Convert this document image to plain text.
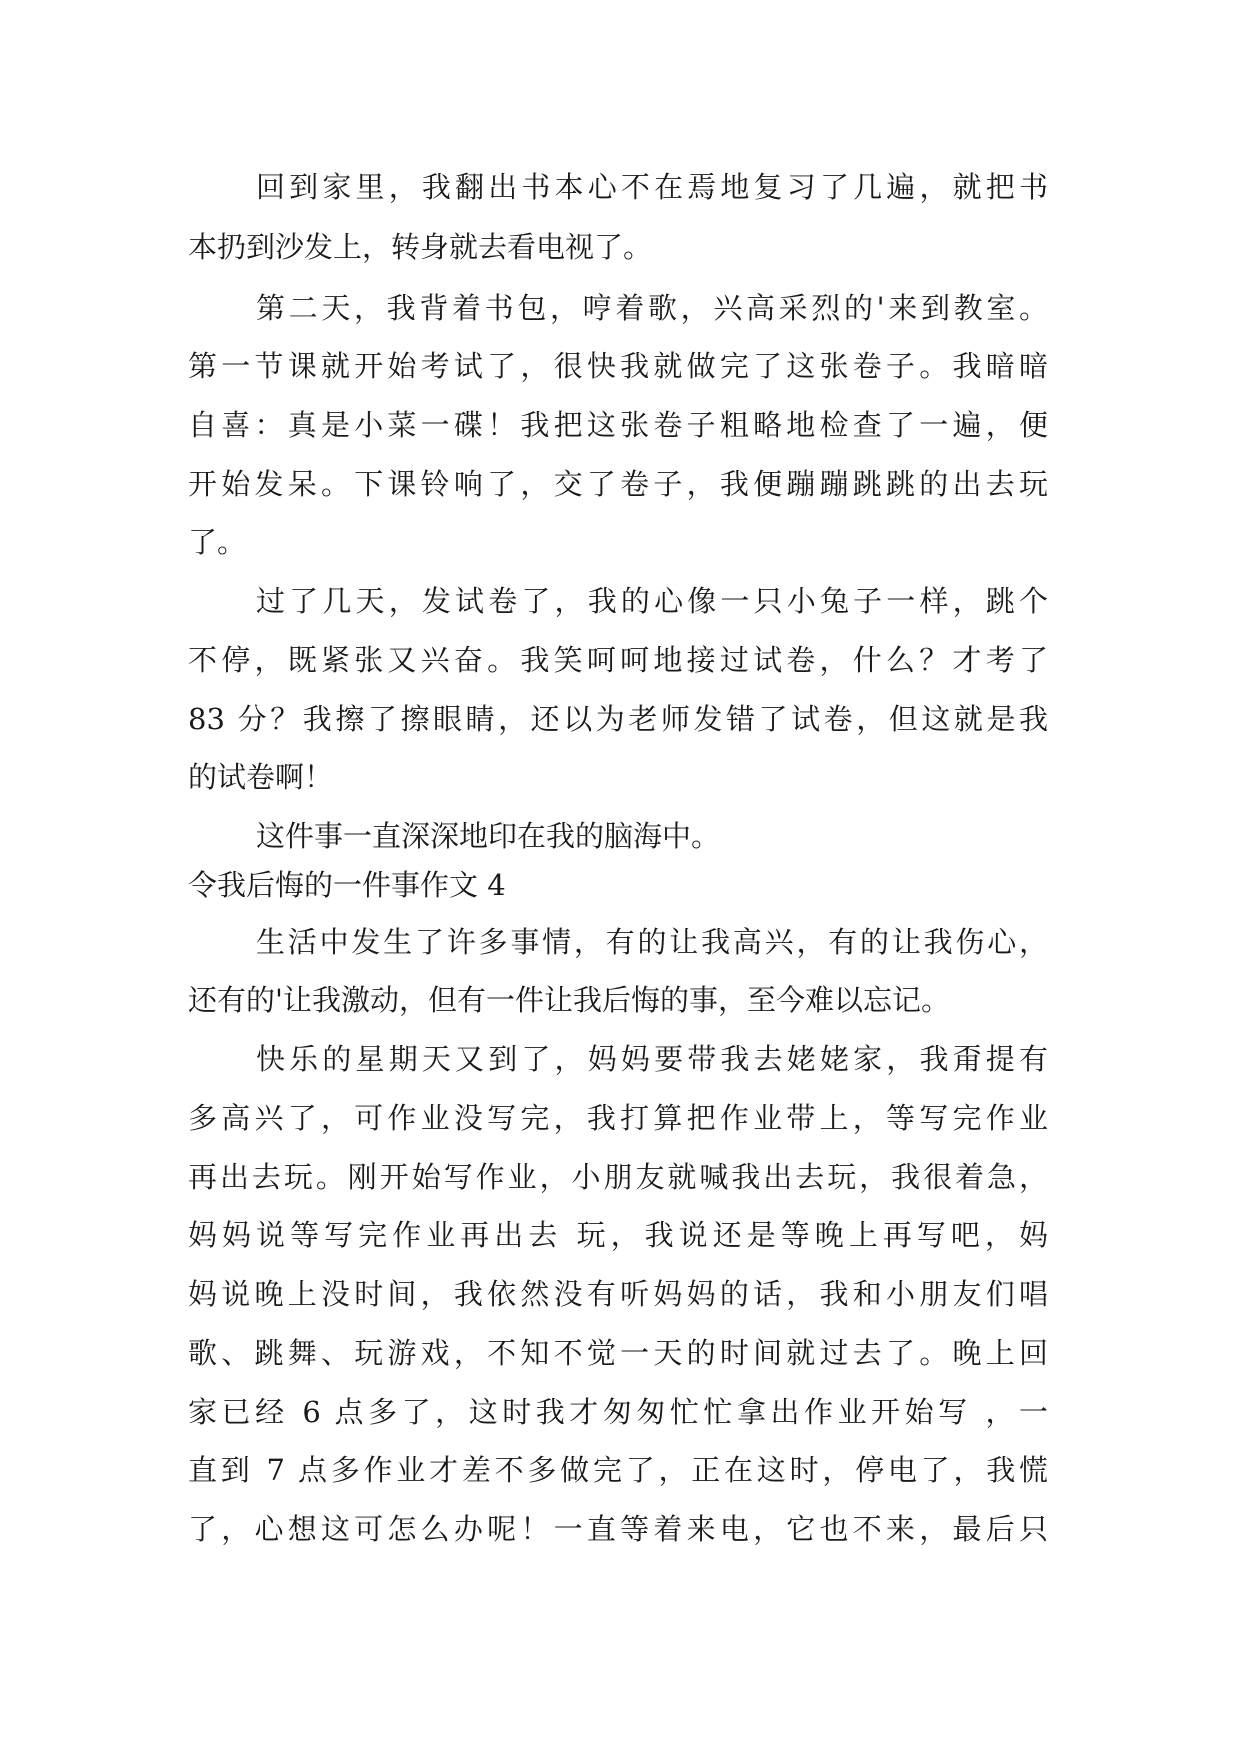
回到家里，我翻出书本心不在焉地复习了几遍，就把书
本扔到沙发上，转身就去看电视了。
第二天，我背着书包，哼着歌，兴高采烈的'来到教室。
第一节课就开始考试了，很快我就做完了这张卷子。我暗暗
自喜：真是小菜一碟！我把这张卷子粗略地检查了一遍，便
开始发呆。下课铃响了，交了卷子，我便蹦蹦跳跳的出去玩
了。
过了几天，发试卷了，我的心像一只小兔子一样，跳个
不停，既紧张又兴奋。我笑呵呵地接过试卷，什么？才考了
83 分？我擦了擦眼睛，还以为老师发错了试卷，但这就是我
的试卷啊！
这件事一直深深地印在我的脑海中。
令我后悔的一件事作文 4
生活中发生了许多事情，有的让我高兴，有的让我伤心，
还有的'让我激动，但有一件让我后悔的事，至今难以忘记。
快乐的星期天又到了，妈妈要带我去姥姥家，我甭提有
多高兴了，可作业没写完，我打算把作业带上，等写完作业
再出去玩。刚开始写作业，小朋友就喊我出去玩，我很着急，
妈妈说等写完作业再出去 玩，我说还是等晚上再写吧，妈
妈说晚上没时间，我依然没有听妈妈的话，我和小朋友们唱
歌、跳舞、玩游戏，不知不觉一天的时间就过去了。晚上回
家已经 6 点多了，这时我才匆匆忙忙拿出作业开始写 ，一
直到 7 点多作业才差不多做完了，正在这时，停电了，我慌
了，心想这可怎么办呢！一直等着来电，它也不来，最后只
